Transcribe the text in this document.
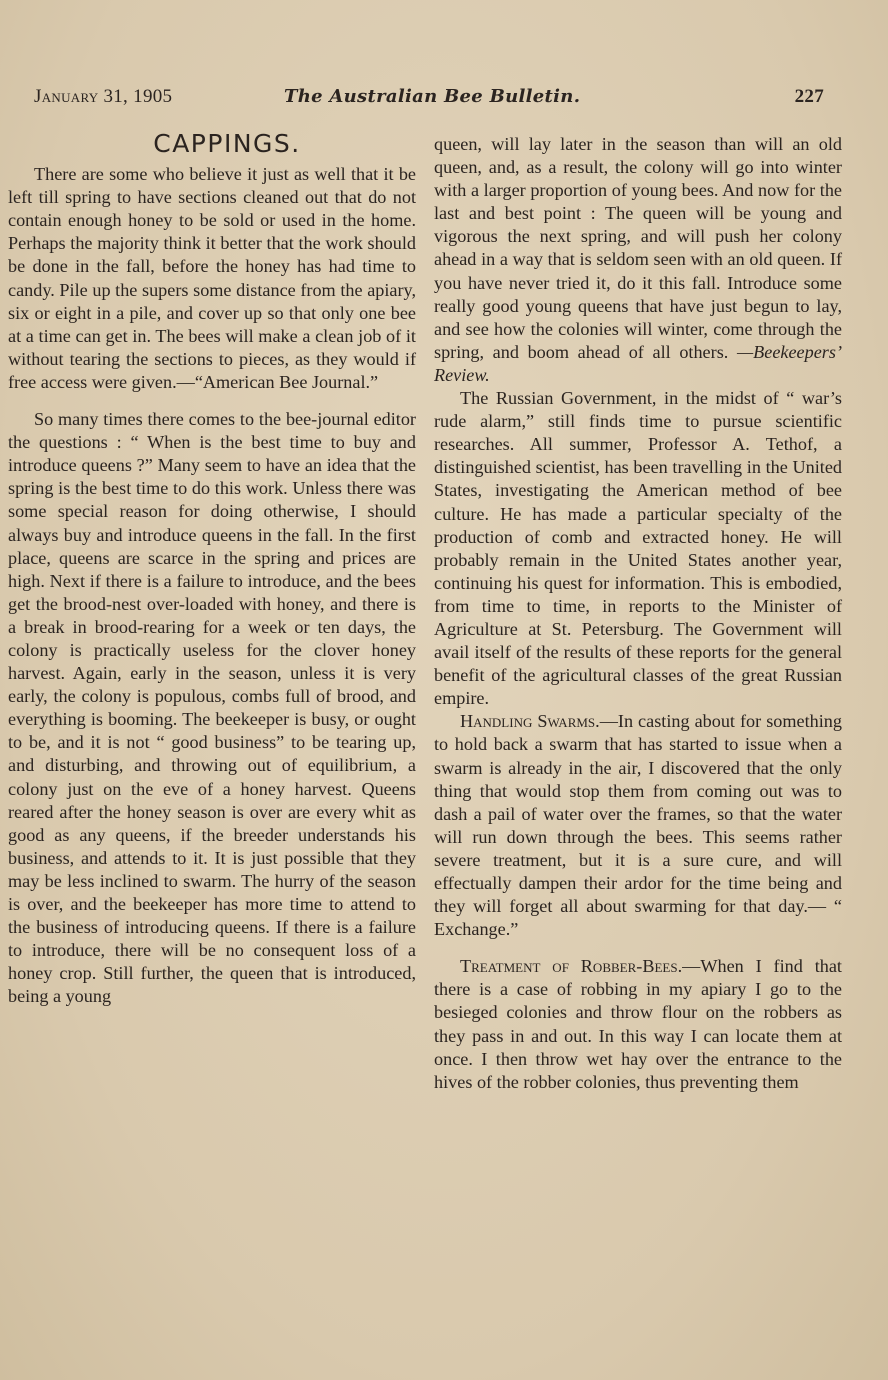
January 31, 1905	The Australian Bee Bulletin.	227
CAPPINGS.

There are some who believe it just as well that it be left till spring to have sections cleaned out that do not contain enough honey to be sold or used in the home. Perhaps the majority think it better that the work should be done in the fall, before the honey has had time to candy. Pile up the supers some distance from the apiary, six or eight in a pile, and cover up so that only one bee at a time can get in. The bees will make a clean job of it without tearing the sections to pieces, as they would if free access were given.—“American Bee Journal.”

So many times there comes to the bee-journal editor the questions : “ When is the best time to buy and introduce queens ?” Many seem to have an idea that the spring is the best time to do this work. Unless there was some special reason for doing otherwise, I should always buy and introduce queens in the fall. In the first place, queens are scarce in the spring and prices are high. Next if there is a failure to introduce, and the bees get the brood-nest over-loaded with honey, and there is a break in brood-rearing for a week or ten days, the colony is practically useless for the clover honey harvest. Again, early in the season, unless it is very early, the colony is populous, combs full of brood, and everything is booming. The beekeeper is busy, or ought to be, and it is not “ good business” to be tearing up, and disturbing, and throwing out of equilibrium, a colony just on the eve of a honey harvest. Queens reared after the honey season is over are every whit as good as any queens, if the breeder understands his business, and attends to it. It is just possible that they may be less inclined to swarm. The hurry of the season is over, and the beekeeper has more time to attend to the business of introducing queens. If there is a failure to introduce, there will be no consequent loss of a honey crop. Still further, the queen that is introduced, being a young

queen, will lay later in the season than will an old queen, and, as a result, the colony will go into winter with a larger proportion of young bees. And now for the last and best point : The queen will be young and vigorous the next spring, and will push her colony ahead in a way that is seldom seen with an old queen. If you have never tried it, do it this fall. Introduce some really good young queens that have just begun to lay, and see how the colonies will winter, come through the spring, and boom ahead of all others. —Beekeepers’ Review.

The Russian Government, in the midst of “ war’s rude alarm,” still finds time to pursue scientific researches. All summer, Professor A. Tethof, a distinguished scientist, has been travelling in the United States, investigating the American method of bee culture. He has made a particular specialty of the production of comb and extracted honey. He will probably remain in the United States another year, continuing his quest for information. This is embodied, from time to time, in reports to the Minister of Agriculture at St. Petersburg. The Government will avail itself of the results of these reports for the general benefit of the agricultural classes of the great Russian empire.

Handling Swarms.—In casting about for something to hold back a swarm that has started to issue when a swarm is already in the air, I discovered that the only thing that would stop them from coming out was to dash a pail of water over the frames, so that the water will run down through the bees. This seems rather severe treatment, but it is a sure cure, and will effectually dampen their ardor for the time being and they will forget all about swarming for that day.— “ Exchange.”

Treatment of Robber-Bees.—When I find that there is a case of robbing in my apiary I go to the besieged colonies and throw flour on the robbers as they pass in and out. In this way I can locate them at once. I then throw wet hay over the entrance to the hives of the robber colonies, thus preventing them
